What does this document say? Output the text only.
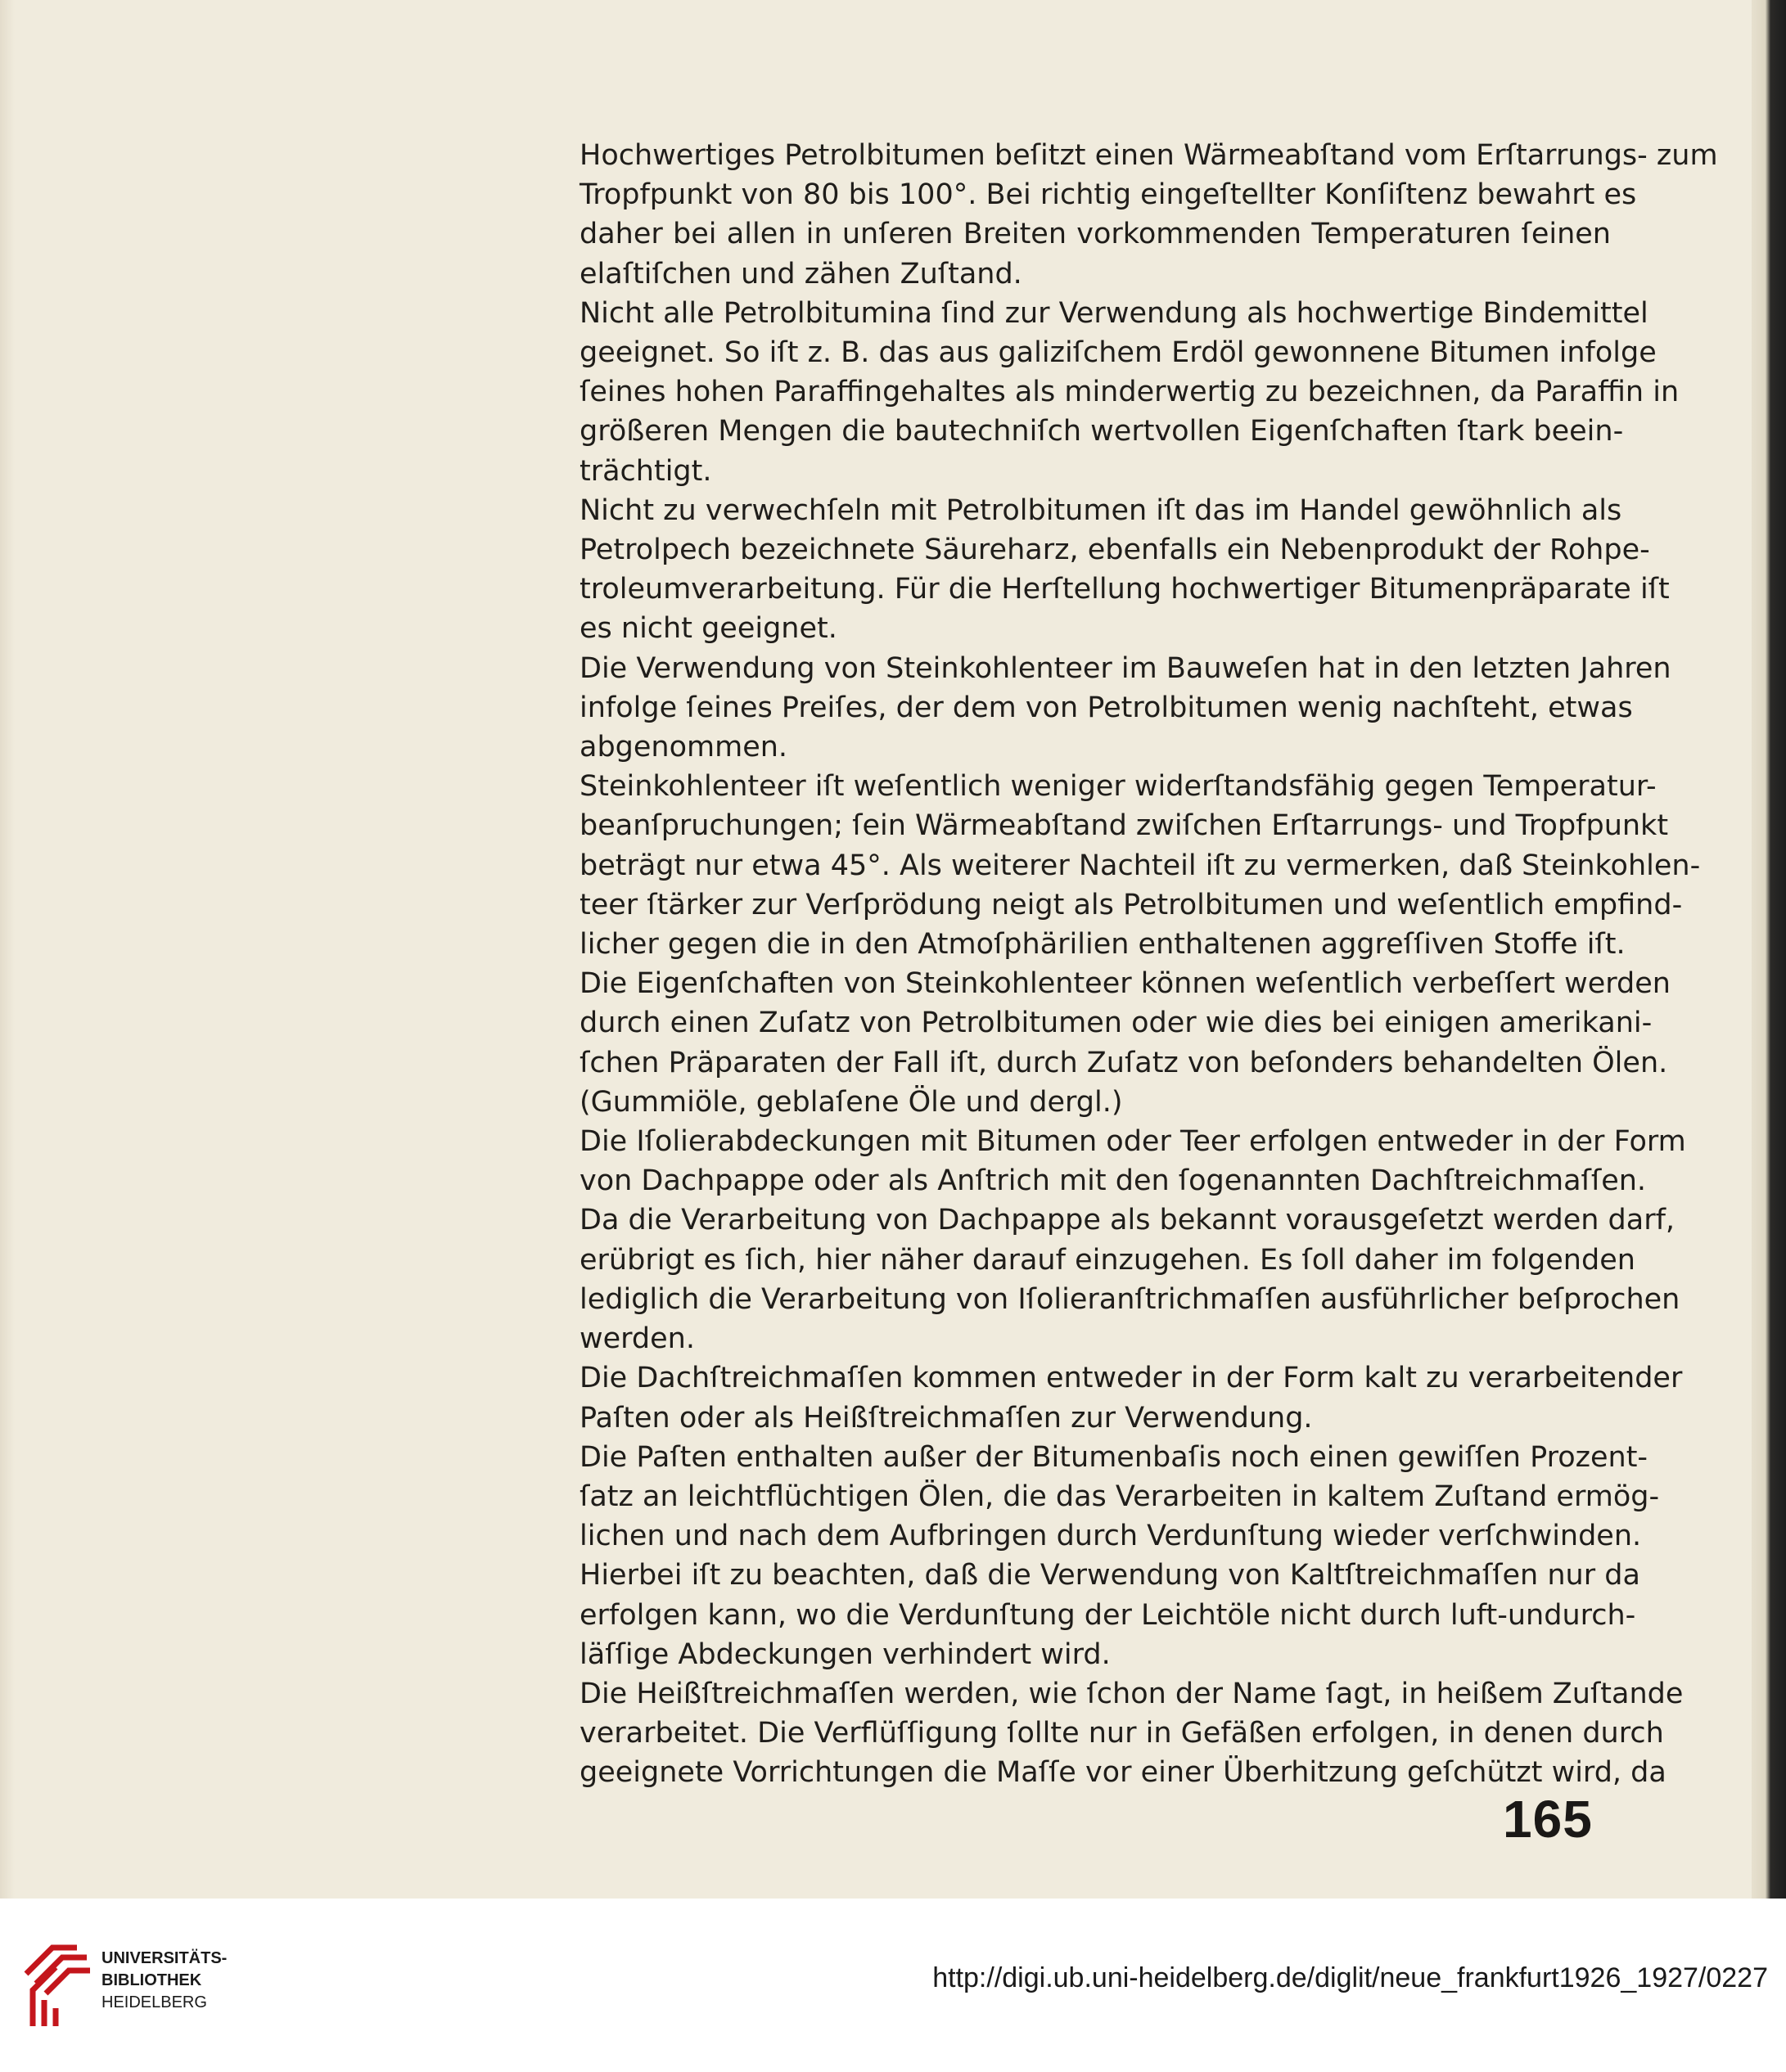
Hochwertiges Petrolbitumen beſitzt einen Wärmeabſtand vom Erſtarrungs- zum
Tropfpunkt von 80 bis 100°. Bei richtig eingeſtellter Konſiſtenz bewahrt es
daher bei allen in unſeren Breiten vorkommenden Temperaturen ſeinen
elaſtiſchen und zähen Zuſtand.
Nicht alle Petrolbitumina ſind zur Verwendung als hochwertige Bindemittel
geeignet. So iſt z. B. das aus galiziſchem Erdöl gewonnene Bitumen infolge
ſeines hohen Paraffingehaltes als minderwertig zu bezeichnen, da Paraffin in
größeren Mengen die bautechniſch wertvollen Eigenſchaften ſtark beein-
trächtigt.
Nicht zu verwechſeln mit Petrolbitumen iſt das im Handel gewöhnlich als
Petrolpech bezeichnete Säureharz, ebenfalls ein Nebenprodukt der Rohpe-
troleumverarbeitung. Für die Herſtellung hochwertiger Bitumenpräparate iſt
es nicht geeignet.
Die Verwendung von Steinkohlenteer im Bauweſen hat in den letzten Jahren
infolge ſeines Preiſes, der dem von Petrolbitumen wenig nachſteht, etwas
abgenommen.
Steinkohlenteer iſt weſentlich weniger widerſtandsfähig gegen Temperatur-
beanſpruchungen; ſein Wärmeabſtand zwiſchen Erſtarrungs- und Tropfpunkt
beträgt nur etwa 45°. Als weiterer Nachteil iſt zu vermerken, daß Steinkohlen-
teer ſtärker zur Verſprödung neigt als Petrolbitumen und weſentlich empfind-
licher gegen die in den Atmoſphärilien enthaltenen aggreſſiven Stoffe iſt.
Die Eigenſchaften von Steinkohlenteer können weſentlich verbeſſert werden
durch einen Zuſatz von Petrolbitumen oder wie dies bei einigen amerikani-
ſchen Präparaten der Fall iſt, durch Zuſatz von beſonders behandelten Ölen.
(Gummiöle, geblaſene Öle und dergl.)
Die Iſolierabdeckungen mit Bitumen oder Teer erfolgen entweder in der Form
von Dachpappe oder als Anſtrich mit den ſogenannten Dachſtreichmaſſen.
Da die Verarbeitung von Dachpappe als bekannt vorausgeſetzt werden darf,
erübrigt es ſich, hier näher darauf einzugehen. Es ſoll daher im folgenden
lediglich die Verarbeitung von Iſolieranſtrichmaſſen ausführlicher beſprochen
werden.
Die Dachſtreichmaſſen kommen entweder in der Form kalt zu verarbeitender
Paſten oder als Heißſtreichmaſſen zur Verwendung.
Die Paſten enthalten außer der Bitumenbaſis noch einen gewiſſen Prozent-
ſatz an leichtflüchtigen Ölen, die das Verarbeiten in kaltem Zuſtand ermög-
lichen und nach dem Aufbringen durch Verdunſtung wieder verſchwinden.
Hierbei iſt zu beachten, daß die Verwendung von Kaltſtreichmaſſen nur da
erfolgen kann, wo die Verdunſtung der Leichtöle nicht durch luft-undurch-
läſſige Abdeckungen verhindert wird.
Die Heißſtreichmaſſen werden, wie ſchon der Name ſagt, in heißem Zuſtande
verarbeitet. Die Verflüſſigung ſollte nur in Gefäßen erfolgen, in denen durch
geeignete Vorrichtungen die Maſſe vor einer Überhitzung geſchützt wird, da
165
UNIVERSITÄTS-
BIBLIOTHEK
HEIDELBERG
http://digi.ub.uni-heidelberg.de/diglit/neue_frankfurt1926_1927/0227
